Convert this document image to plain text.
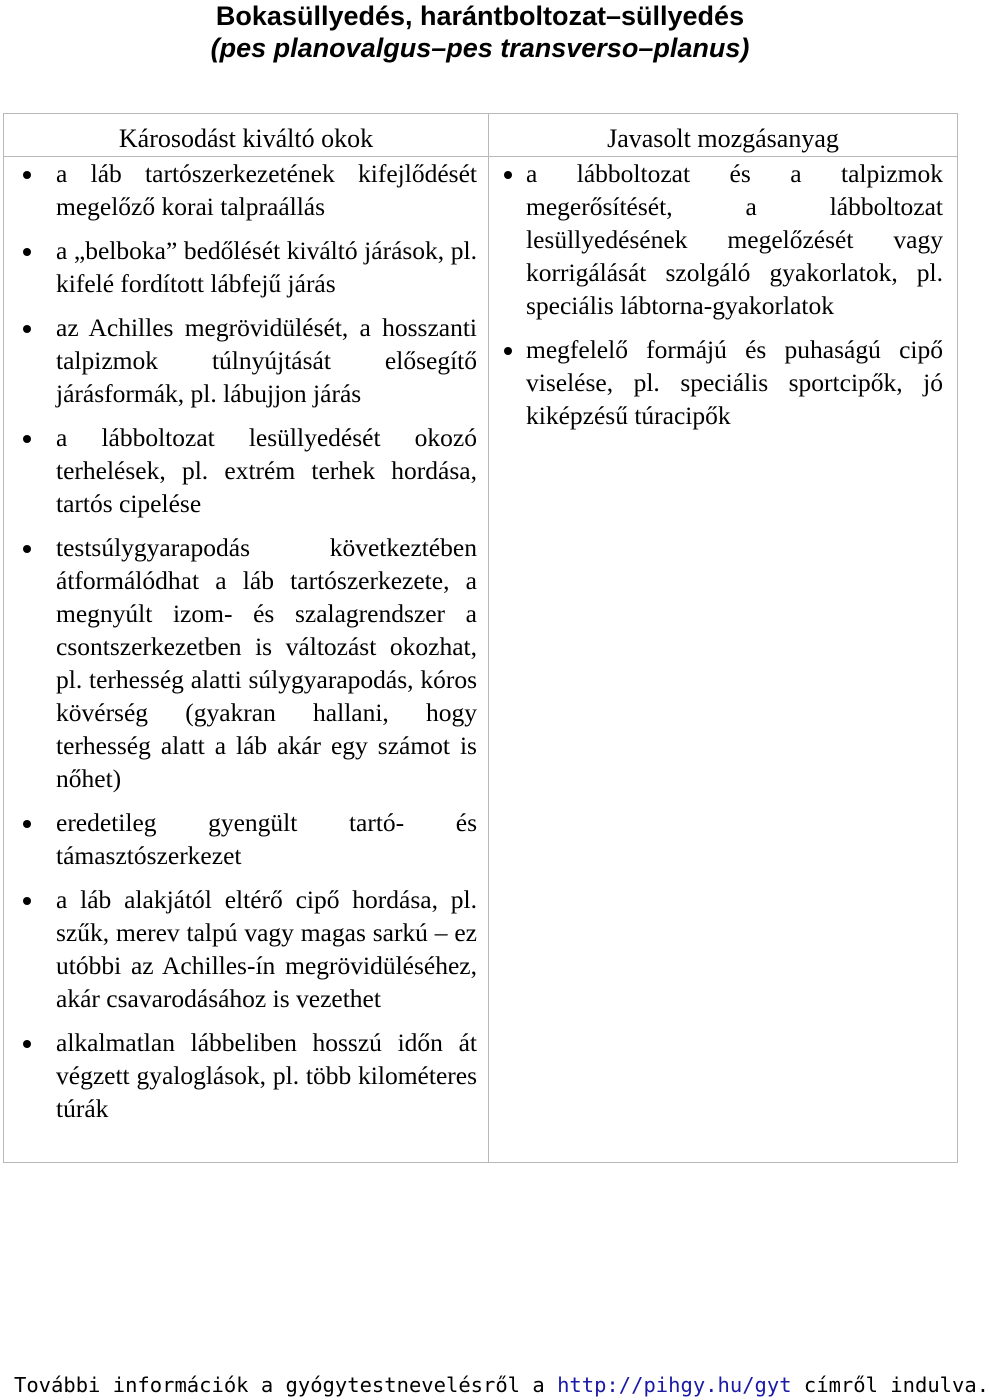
Bokasüllyedés, harántboltozat–süllyedés
(pes planovalgus–pes transverso–planus)
Károsodást kiváltó okok
a láb tartószerkezetének kifejlődését megelőző korai talpraállás
a „belboka” bedőlését kiváltó járások, pl. kifelé fordított lábfejű járás
az Achilles megrövidülését, a hosszanti talpizmok túlnyújtását elősegítő járásformák, pl. lábujjon járás
a lábboltozat lesüllyedését okozó terhelések, pl. extrém terhek hordása, tartós cipelése
testsúlygyarapodás következtében átformálódhat a láb tartószerkezete, a megnyúlt izom- és szalagrendszer a csontszerkezetben is változást okozhat, pl. terhesség alatti súlygyarapodás, kóros kövérség (gyakran hallani, hogy terhesség alatt a láb akár egy számot is nőhet)
eredetileg gyengült tartó- és támasztószerkezet
a láb alakjától eltérő cipő hordása, pl. szűk, merev talpú vagy magas sarkú – ez utóbbi az Achilles-ín megrövidüléséhez, akár csavarodásához is vezethet
alkalmatlan lábbeliben hosszú időn át végzett gyaloglások, pl. több kilométeres túrák
Javasolt mozgásanyag
a lábboltozat és a talpizmok megerősítését, a lábboltozat lesüllyedésének megelőzését vagy korrigálását szolgáló gyakorlatok, pl. speciális lábtorna-gyakorlatok
megfelelő formájú és puhaságú cipő viselése, pl. speciális sportcipők, jó kiképzésű túracipők
További információk a gyógytestnevelésről a http://pihgy.hu/gyt címről indulva.
